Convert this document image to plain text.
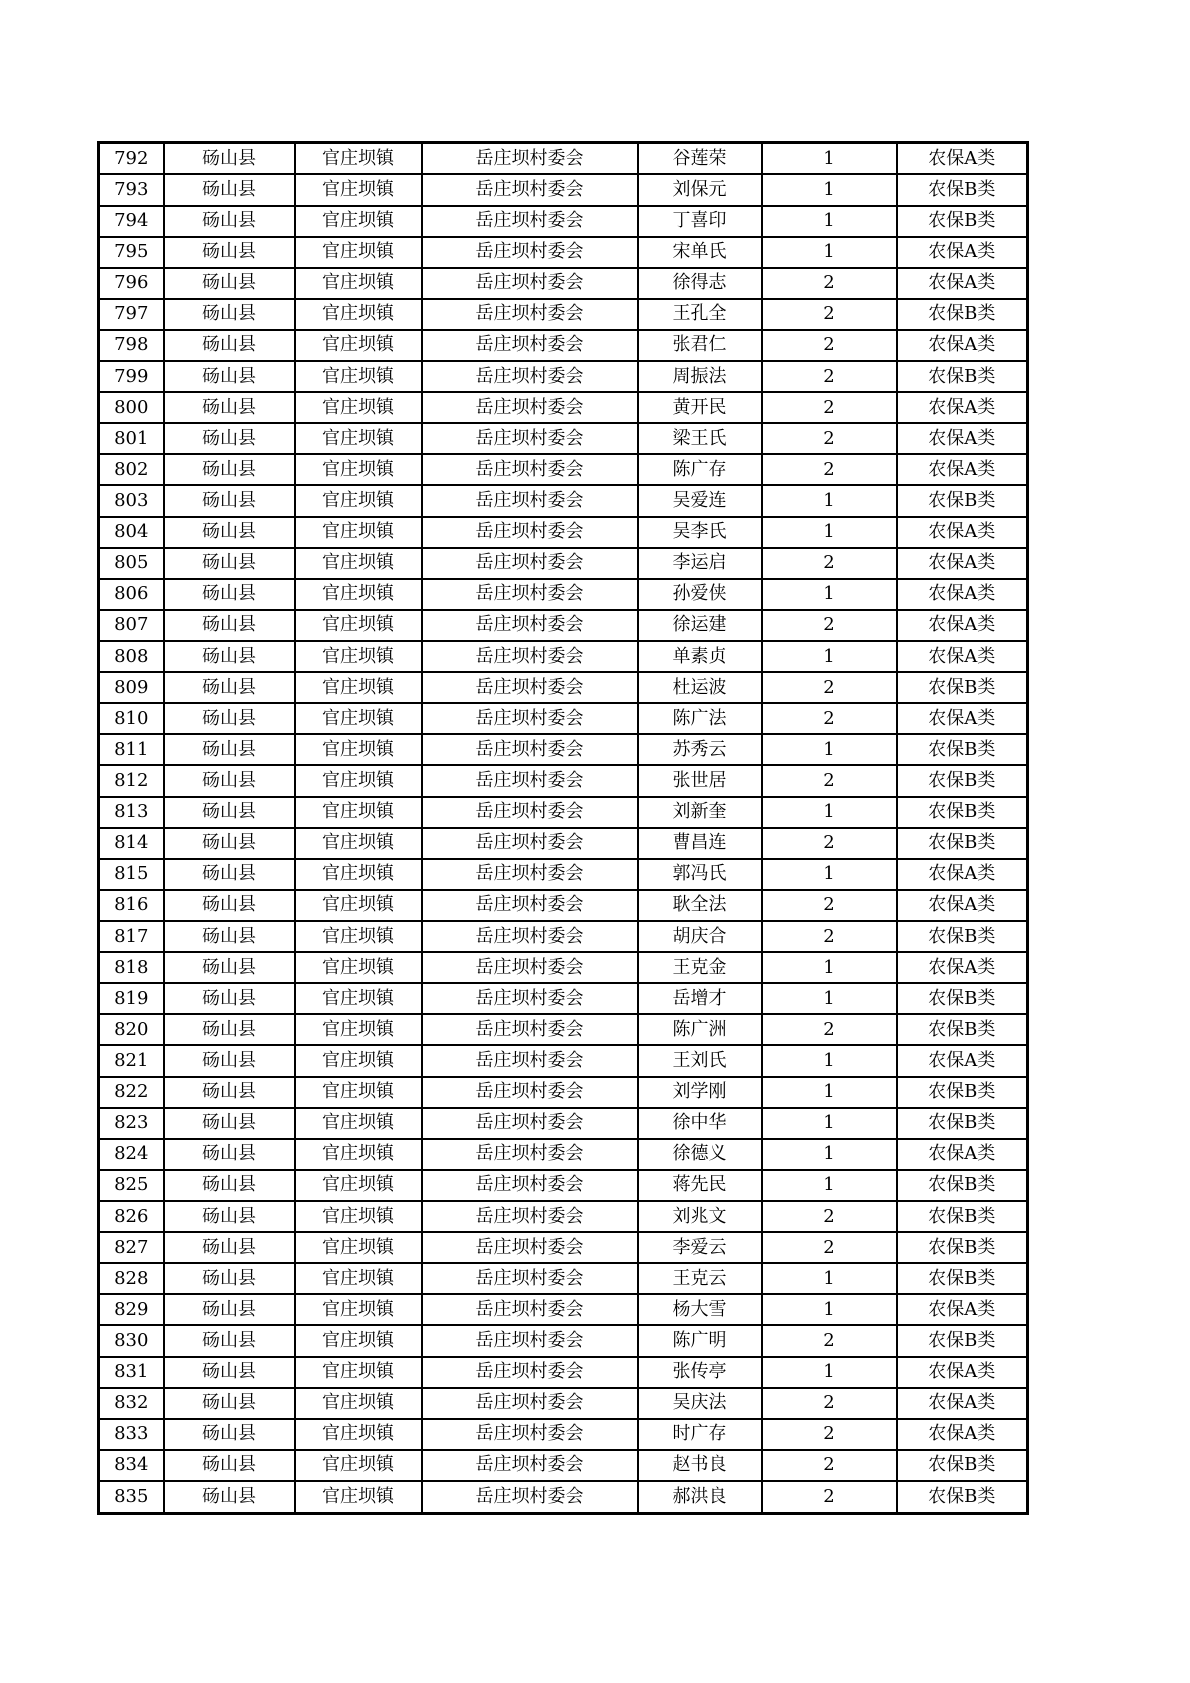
792	砀山县	官庄坝镇	岳庄坝村委会	谷莲荣	1	农保A类
793	砀山县	官庄坝镇	岳庄坝村委会	刘保元	1	农保B类
794	砀山县	官庄坝镇	岳庄坝村委会	丁喜印	1	农保B类
795	砀山县	官庄坝镇	岳庄坝村委会	宋单氏	1	农保A类
796	砀山县	官庄坝镇	岳庄坝村委会	徐得志	2	农保A类
797	砀山县	官庄坝镇	岳庄坝村委会	王孔全	2	农保B类
798	砀山县	官庄坝镇	岳庄坝村委会	张君仁	2	农保A类
799	砀山县	官庄坝镇	岳庄坝村委会	周振法	2	农保B类
800	砀山县	官庄坝镇	岳庄坝村委会	黄开民	2	农保A类
801	砀山县	官庄坝镇	岳庄坝村委会	梁王氏	2	农保A类
802	砀山县	官庄坝镇	岳庄坝村委会	陈广存	2	农保A类
803	砀山县	官庄坝镇	岳庄坝村委会	吴爱连	1	农保B类
804	砀山县	官庄坝镇	岳庄坝村委会	吴李氏	1	农保A类
805	砀山县	官庄坝镇	岳庄坝村委会	李运启	2	农保A类
806	砀山县	官庄坝镇	岳庄坝村委会	孙爱侠	1	农保A类
807	砀山县	官庄坝镇	岳庄坝村委会	徐运建	2	农保A类
808	砀山县	官庄坝镇	岳庄坝村委会	单素贞	1	农保A类
809	砀山县	官庄坝镇	岳庄坝村委会	杜运波	2	农保B类
810	砀山县	官庄坝镇	岳庄坝村委会	陈广法	2	农保A类
811	砀山县	官庄坝镇	岳庄坝村委会	苏秀云	1	农保B类
812	砀山县	官庄坝镇	岳庄坝村委会	张世居	2	农保B类
813	砀山县	官庄坝镇	岳庄坝村委会	刘新奎	1	农保B类
814	砀山县	官庄坝镇	岳庄坝村委会	曹昌连	2	农保B类
815	砀山县	官庄坝镇	岳庄坝村委会	郭冯氏	1	农保A类
816	砀山县	官庄坝镇	岳庄坝村委会	耿全法	2	农保A类
817	砀山县	官庄坝镇	岳庄坝村委会	胡庆合	2	农保B类
818	砀山县	官庄坝镇	岳庄坝村委会	王克金	1	农保A类
819	砀山县	官庄坝镇	岳庄坝村委会	岳增才	1	农保B类
820	砀山县	官庄坝镇	岳庄坝村委会	陈广洲	2	农保B类
821	砀山县	官庄坝镇	岳庄坝村委会	王刘氏	1	农保A类
822	砀山县	官庄坝镇	岳庄坝村委会	刘学刚	1	农保B类
823	砀山县	官庄坝镇	岳庄坝村委会	徐中华	1	农保B类
824	砀山县	官庄坝镇	岳庄坝村委会	徐德义	1	农保A类
825	砀山县	官庄坝镇	岳庄坝村委会	蒋先民	1	农保B类
826	砀山县	官庄坝镇	岳庄坝村委会	刘兆文	2	农保B类
827	砀山县	官庄坝镇	岳庄坝村委会	李爱云	2	农保B类
828	砀山县	官庄坝镇	岳庄坝村委会	王克云	1	农保B类
829	砀山县	官庄坝镇	岳庄坝村委会	杨大雪	1	农保A类
830	砀山县	官庄坝镇	岳庄坝村委会	陈广明	2	农保B类
831	砀山县	官庄坝镇	岳庄坝村委会	张传亭	1	农保A类
832	砀山县	官庄坝镇	岳庄坝村委会	吴庆法	2	农保A类
833	砀山县	官庄坝镇	岳庄坝村委会	时广存	2	农保A类
834	砀山县	官庄坝镇	岳庄坝村委会	赵书良	2	农保B类
835	砀山县	官庄坝镇	岳庄坝村委会	郝洪良	2	农保B类
